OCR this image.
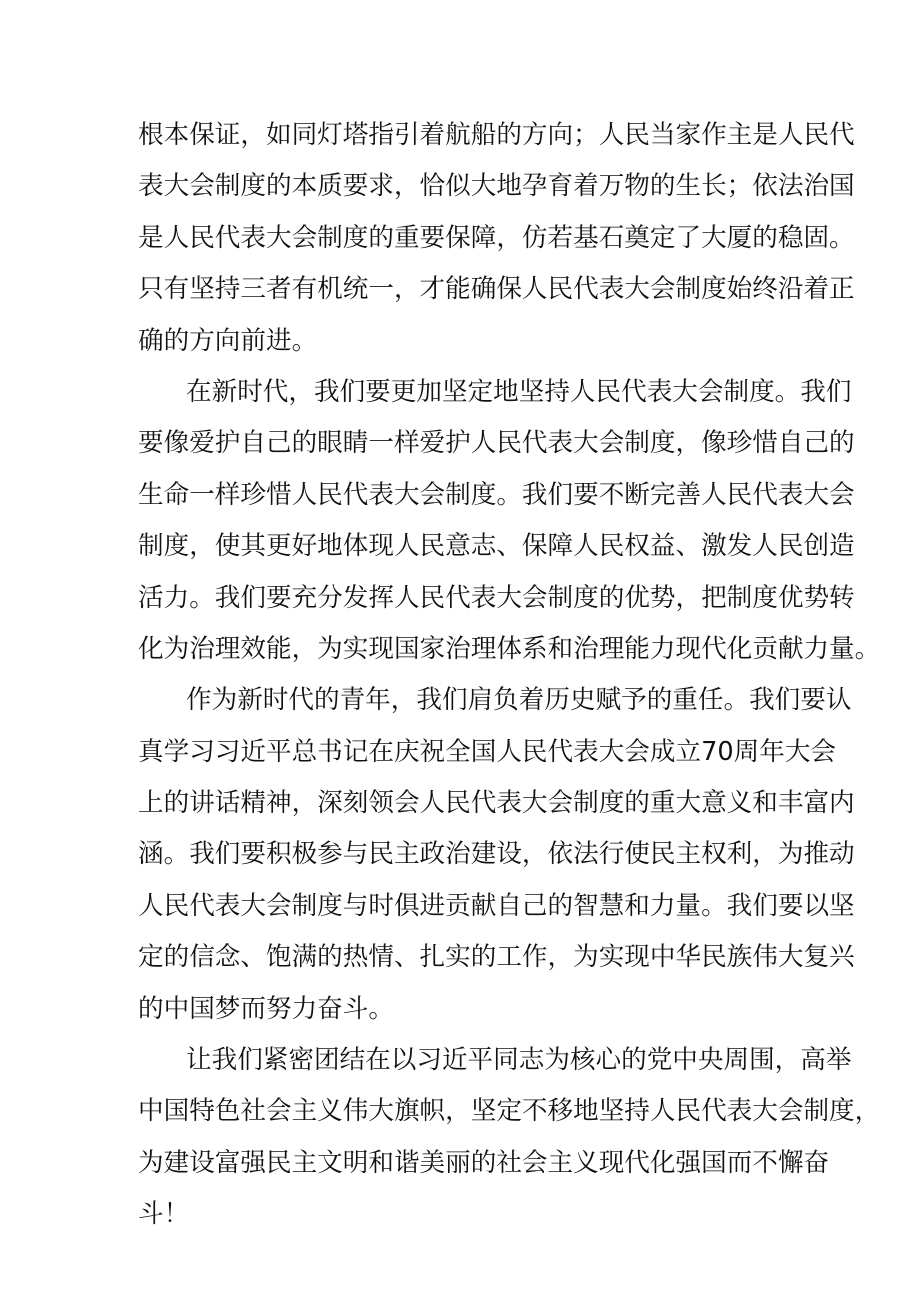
根本保证，如同灯塔指引着航船的方向；人民当家作主是人民代
表大会制度的本质要求，恰似大地孕育着万物的生长；依法治国
是人民代表大会制度的重要保障，仿若基石奠定了大厦的稳固。
只有坚持三者有机统一，才能确保人民代表大会制度始终沿着正
确的方向前进。
在新时代，我们要更加坚定地坚持人民代表大会制度。我们
要像爱护自己的眼睛一样爱护人民代表大会制度，像珍惜自己的
生命一样珍惜人民代表大会制度。我们要不断完善人民代表大会
制度，使其更好地体现人民意志、保障人民权益、激发人民创造
活力。我们要充分发挥人民代表大会制度的优势，把制度优势转
化为治理效能，为实现国家治理体系和治理能力现代化贡献力量。
作为新时代的青年，我们肩负着历史赋予的重任。我们要认
真学习习近平总书记在庆祝全国人民代表大会成立70周年大会
上的讲话精神，深刻领会人民代表大会制度的重大意义和丰富内
涵。我们要积极参与民主政治建设，依法行使民主权利，为推动
人民代表大会制度与时俱进贡献自己的智慧和力量。我们要以坚
定的信念、饱满的热情、扎实的工作，为实现中华民族伟大复兴
的中国梦而努力奋斗。
让我们紧密团结在以习近平同志为核心的党中央周围，高举
中国特色社会主义伟大旗帜，坚定不移地坚持人民代表大会制度，
为建设富强民主文明和谐美丽的社会主义现代化强国而不懈奋
斗！
